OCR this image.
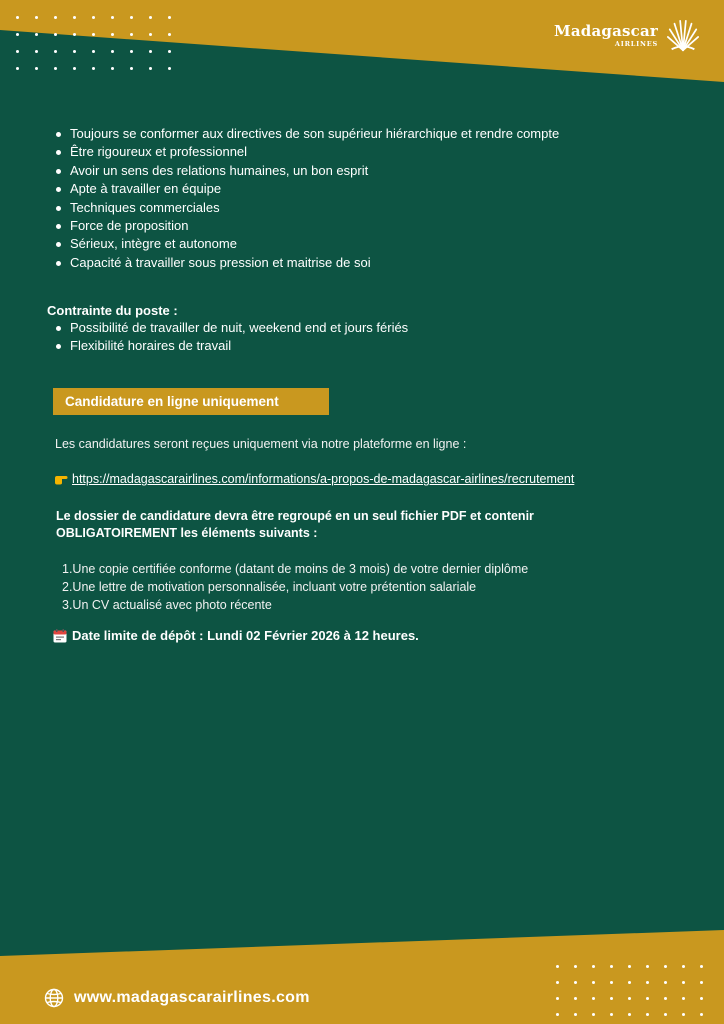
Madagascar
AIRLINES
Toujours se conformer aux directives de son supérieur hiérarchique et rendre compte
Être rigoureux et professionnel
Avoir un sens des relations humaines, un bon esprit
Apte à travailler en équipe
Techniques commerciales
Force de proposition
Sérieux, intègre et autonome
Capacité à travailler sous pression et maitrise de soi
Contrainte du poste :
Possibilité de travailler de nuit, weekend end et jours fériés
Flexibilité horaires de travail
Candidature en ligne uniquement
Les candidatures seront reçues uniquement via notre plateforme en ligne :
https://madagascarairlines.com/informations/a-propos-de-madagascar-airlines/recrutement
Le dossier de candidature devra être regroupé en un seul fichier PDF et contenir
OBLIGATOIREMENT les éléments suivants :
1.Une copie certifiée conforme (datant de moins de 3 mois) de votre dernier diplôme
2.Une lettre de motivation personnalisée, incluant votre prétention salariale
3.Un CV actualisé avec photo récente
Date limite de dépôt : Lundi 02 Février 2026 à 12 heures.
www.madagascarairlines.com
